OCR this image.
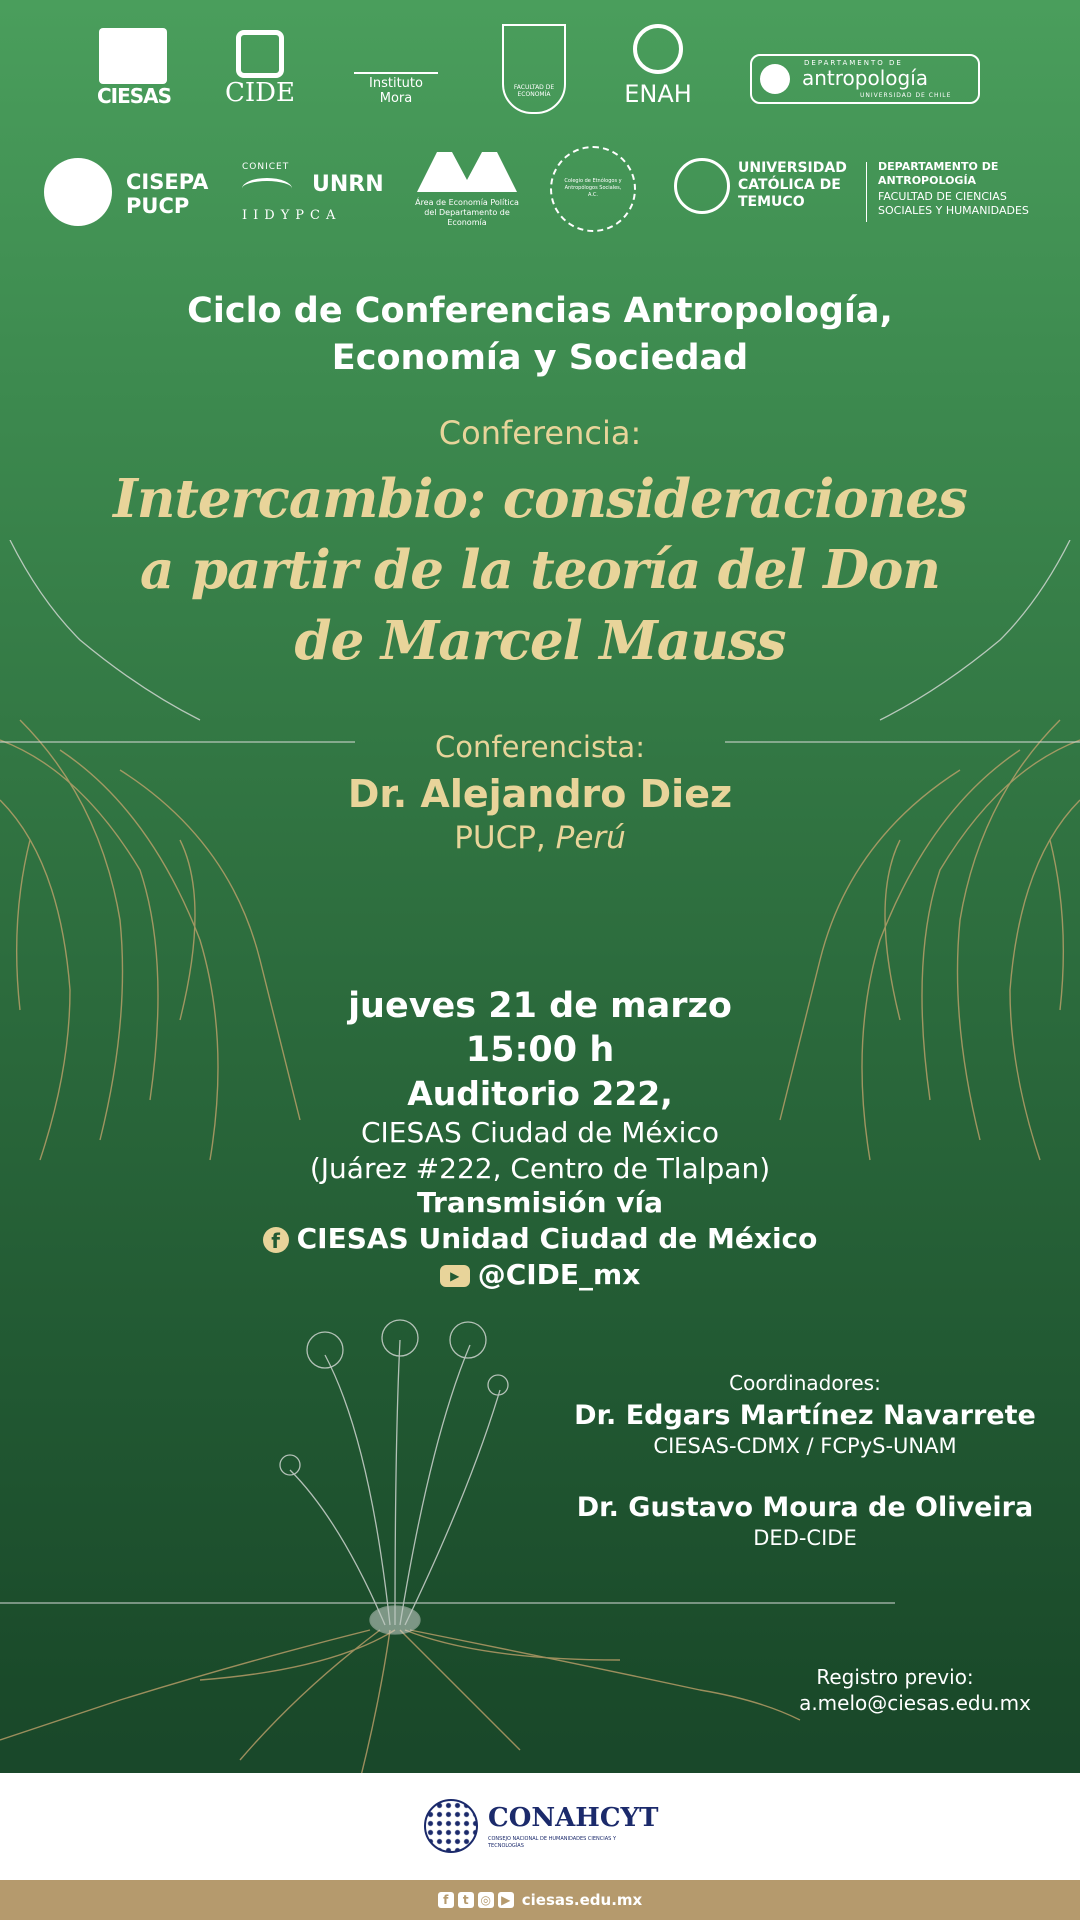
CIESAS CIDE	Instituto
Mora
FACULTAD DE ECONOMÍA	ENAH
DEPARTAMENTO DE
antropología
UNIVERSIDAD DE CHILE
CISEPA
PUCP
CONICET
UNRN
IIDYPCA
Área de Economía Política del Departamento de Economía
Colegio de Etnólogos y Antropólogos Sociales, A.C.
UNIVERSIDAD CATÓLICA DE TEMUCO
DEPARTAMENTO DE ANTROPOLOGÍA
FACULTAD DE CIENCIAS SOCIALES Y HUMANIDADES
Ciclo de Conferencias Antropología,
Economía y Sociedad
Conferencia:
Intercambio: consideraciones
a partir de la teoría del Don
de Marcel Mauss
Conferencista:
Dr. Alejandro Diez
PUCP, Perú
jueves 21 de marzo
15:00 h
Auditorio 222,
CIESAS Ciudad de México
(Juárez #222, Centro de Tlalpan)
Transmisión vía
f CIESAS Unidad Ciudad de México
▶ @CIDE_mx
Coordinadores:
Dr. Edgars Martínez Navarrete
CIESAS-CDMX / FCPyS-UNAM
Dr. Gustavo Moura de Oliveira
DED-CIDE
Registro previo:
a.melo@ciesas.edu.mx
CONAHCYT
CONSEJO NACIONAL DE HUMANIDADES CIENCIAS Y TECNOLOGÍAS
f t ◎ ▶ ciesas.edu.mx
